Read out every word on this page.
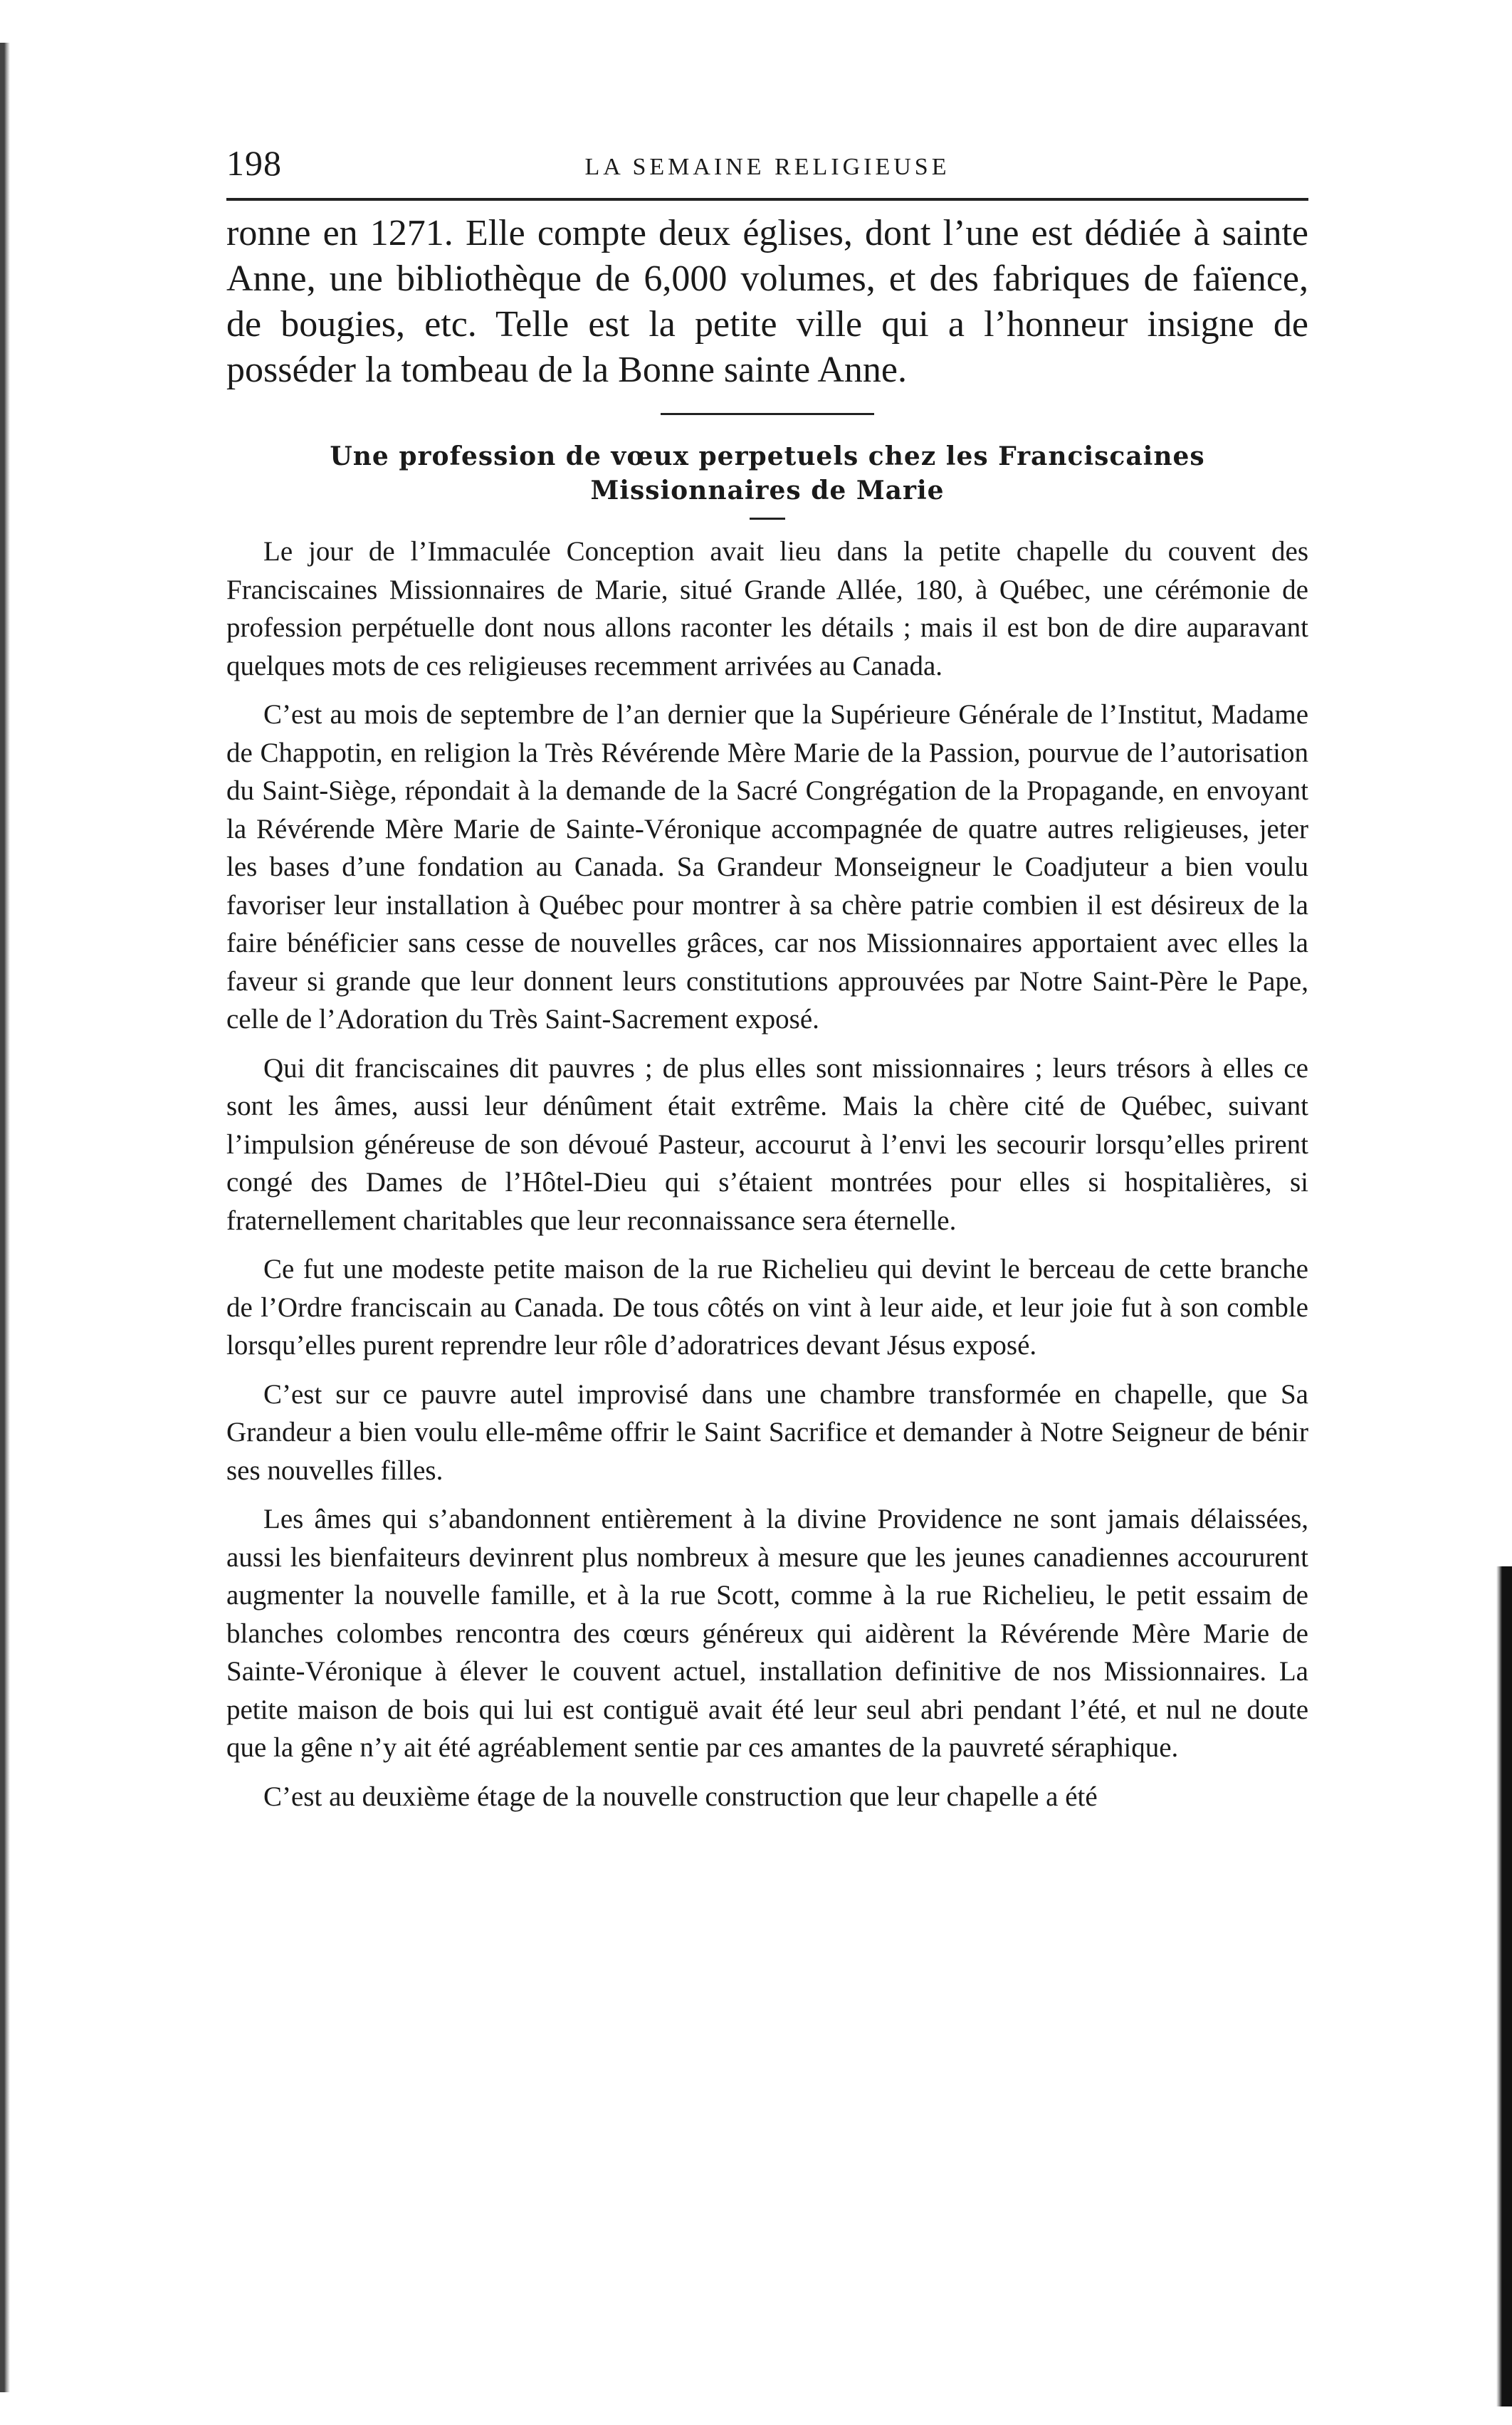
198	LA SEMAINE RELIGIEUSE

ronne en 1271. Elle compte deux églises, dont l’une est dédiée à sainte Anne, une bibliothèque de 6,000 volumes, et des fabriques de faïence, de bougies, etc. Telle est la petite ville qui a l’honneur insigne de posséder la tombeau de la Bonne sainte Anne.

Une profession de vœux perpetuels chez les Franciscaines
Missionnaires de Marie

Le jour de l’Immaculée Conception avait lieu dans la petite chapelle du couvent des Franciscaines Missionnaires de Marie, situé Grande Allée, 180, à Québec, une cérémonie de profession perpétuelle dont nous allons raconter les détails ; mais il est bon de dire auparavant quelques mots de ces religieuses recemment arrivées au Canada.

C’est au mois de septembre de l’an dernier que la Supérieure Générale de l’Institut, Madame de Chappotin, en religion la Très Révérende Mère Marie de la Passion, pourvue de l’autorisation du Saint-Siège, répondait à la demande de la Sacré Congrégation de la Propagande, en envoyant la Révérende Mère Marie de Sainte-Véronique accompagnée de quatre autres religieuses, jeter les bases d’une fondation au Canada. Sa Grandeur Monseigneur le Coadjuteur a bien voulu favoriser leur installation à Québec pour montrer à sa chère patrie combien il est désireux de la faire bénéficier sans cesse de nouvelles grâces, car nos Missionnaires apportaient avec elles la faveur si grande que leur donnent leurs constitutions approuvées par Notre Saint-Père le Pape, celle de l’Adoration du Très Saint-Sacrement exposé.

Qui dit franciscaines dit pauvres ; de plus elles sont missionnaires ; leurs trésors à elles ce sont les âmes, aussi leur dénûment était extrême. Mais la chère cité de Québec, suivant l’impulsion généreuse de son dévoué Pasteur, accourut à l’envi les secourir lorsqu’elles prirent congé des Dames de l’Hôtel-Dieu qui s’étaient montrées pour elles si hospitalières, si fraternellement charitables que leur reconnaissance sera éternelle.

Ce fut une modeste petite maison de la rue Richelieu qui devint le berceau de cette branche de l’Ordre franciscain au Canada. De tous côtés on vint à leur aide, et leur joie fut à son comble lorsqu’elles purent reprendre leur rôle d’adoratrices devant Jésus exposé.

C’est sur ce pauvre autel improvisé dans une chambre transformée en chapelle, que Sa Grandeur a bien voulu elle-même offrir le Saint Sacrifice et demander à Notre Seigneur de bénir ses nouvelles filles.

Les âmes qui s’abandonnent entièrement à la divine Providence ne sont jamais délaissées, aussi les bienfaiteurs devinrent plus nombreux à mesure que les jeunes canadiennes accoururent augmenter la nouvelle famille, et à la rue Scott, comme à la rue Richelieu, le petit essaim de blanches colombes rencontra des cœurs généreux qui aidèrent la Révérende Mère Marie de Sainte-Véronique à élever le couvent actuel, installation definitive de nos Missionnaires. La petite maison de bois qui lui est contiguë avait été leur seul abri pendant l’été, et nul ne doute que la gêne n’y ait été agréablement sentie par ces amantes de la pauvreté séraphique.

C’est au deuxième étage de la nouvelle construction que leur chapelle a été
